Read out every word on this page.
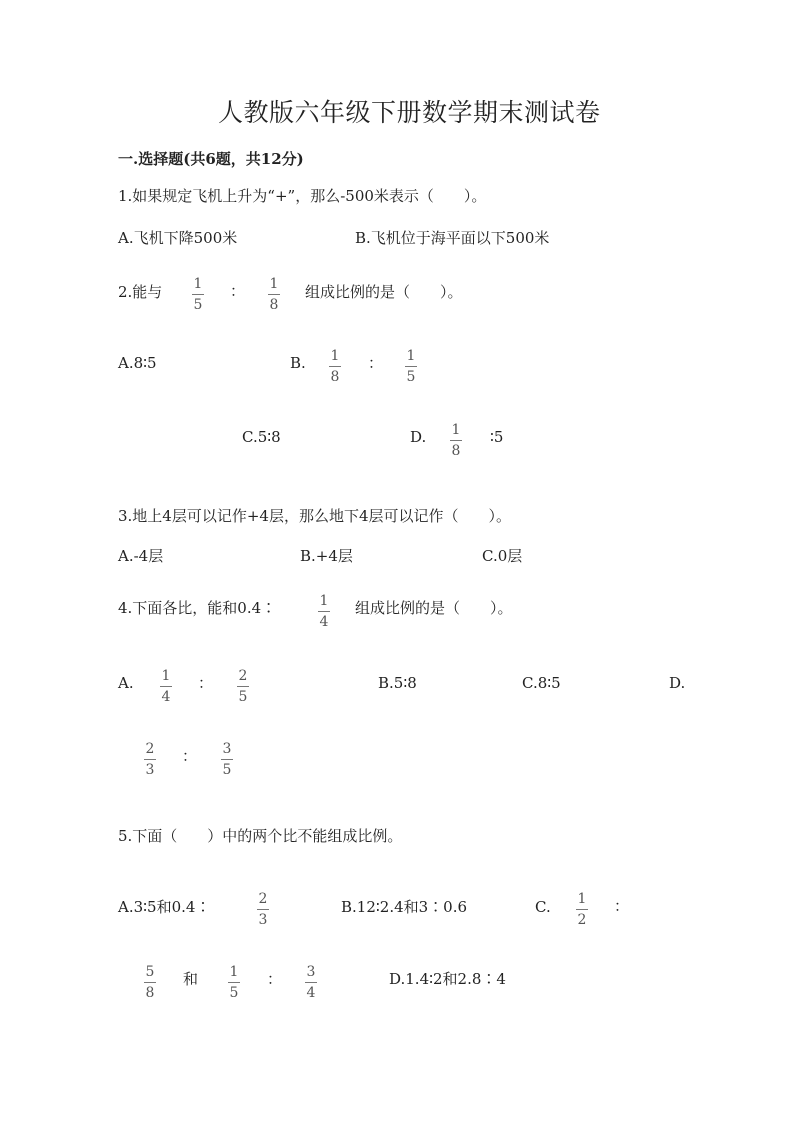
人教版六年级下册数学期末测试卷
一.选择题(共6题，共12分)
1.如果规定飞机上升为“+”，那么-500米表示（　　）。
A.飞机下降500米	B.飞机位于海平面以下500米
2.能与 1
5
： 1
8
组成比例的是（　　）。
A.8∶5	B. 1
8
： 1
5
C.5∶8	D. 1
8
∶5
3.地上4层可以记作+4层，那么地下4层可以记作（　　）。
A.-4层	B.+4层	C.0层
4.下面各比，能和0.4∶	1
4
组成比例的是（　　）。
A. 1
4
： 2
5
B.5∶8	C.8∶5	D.
2
3
： 3
5
5.下面（　　）中的两个比不能组成比例。
A.3∶5和0.4∶	2
3
B.12∶2.4和3∶0.6	C. 1
2
：
5
8
和 1
5
： 3
4
D.1.4∶2和2.8∶4
